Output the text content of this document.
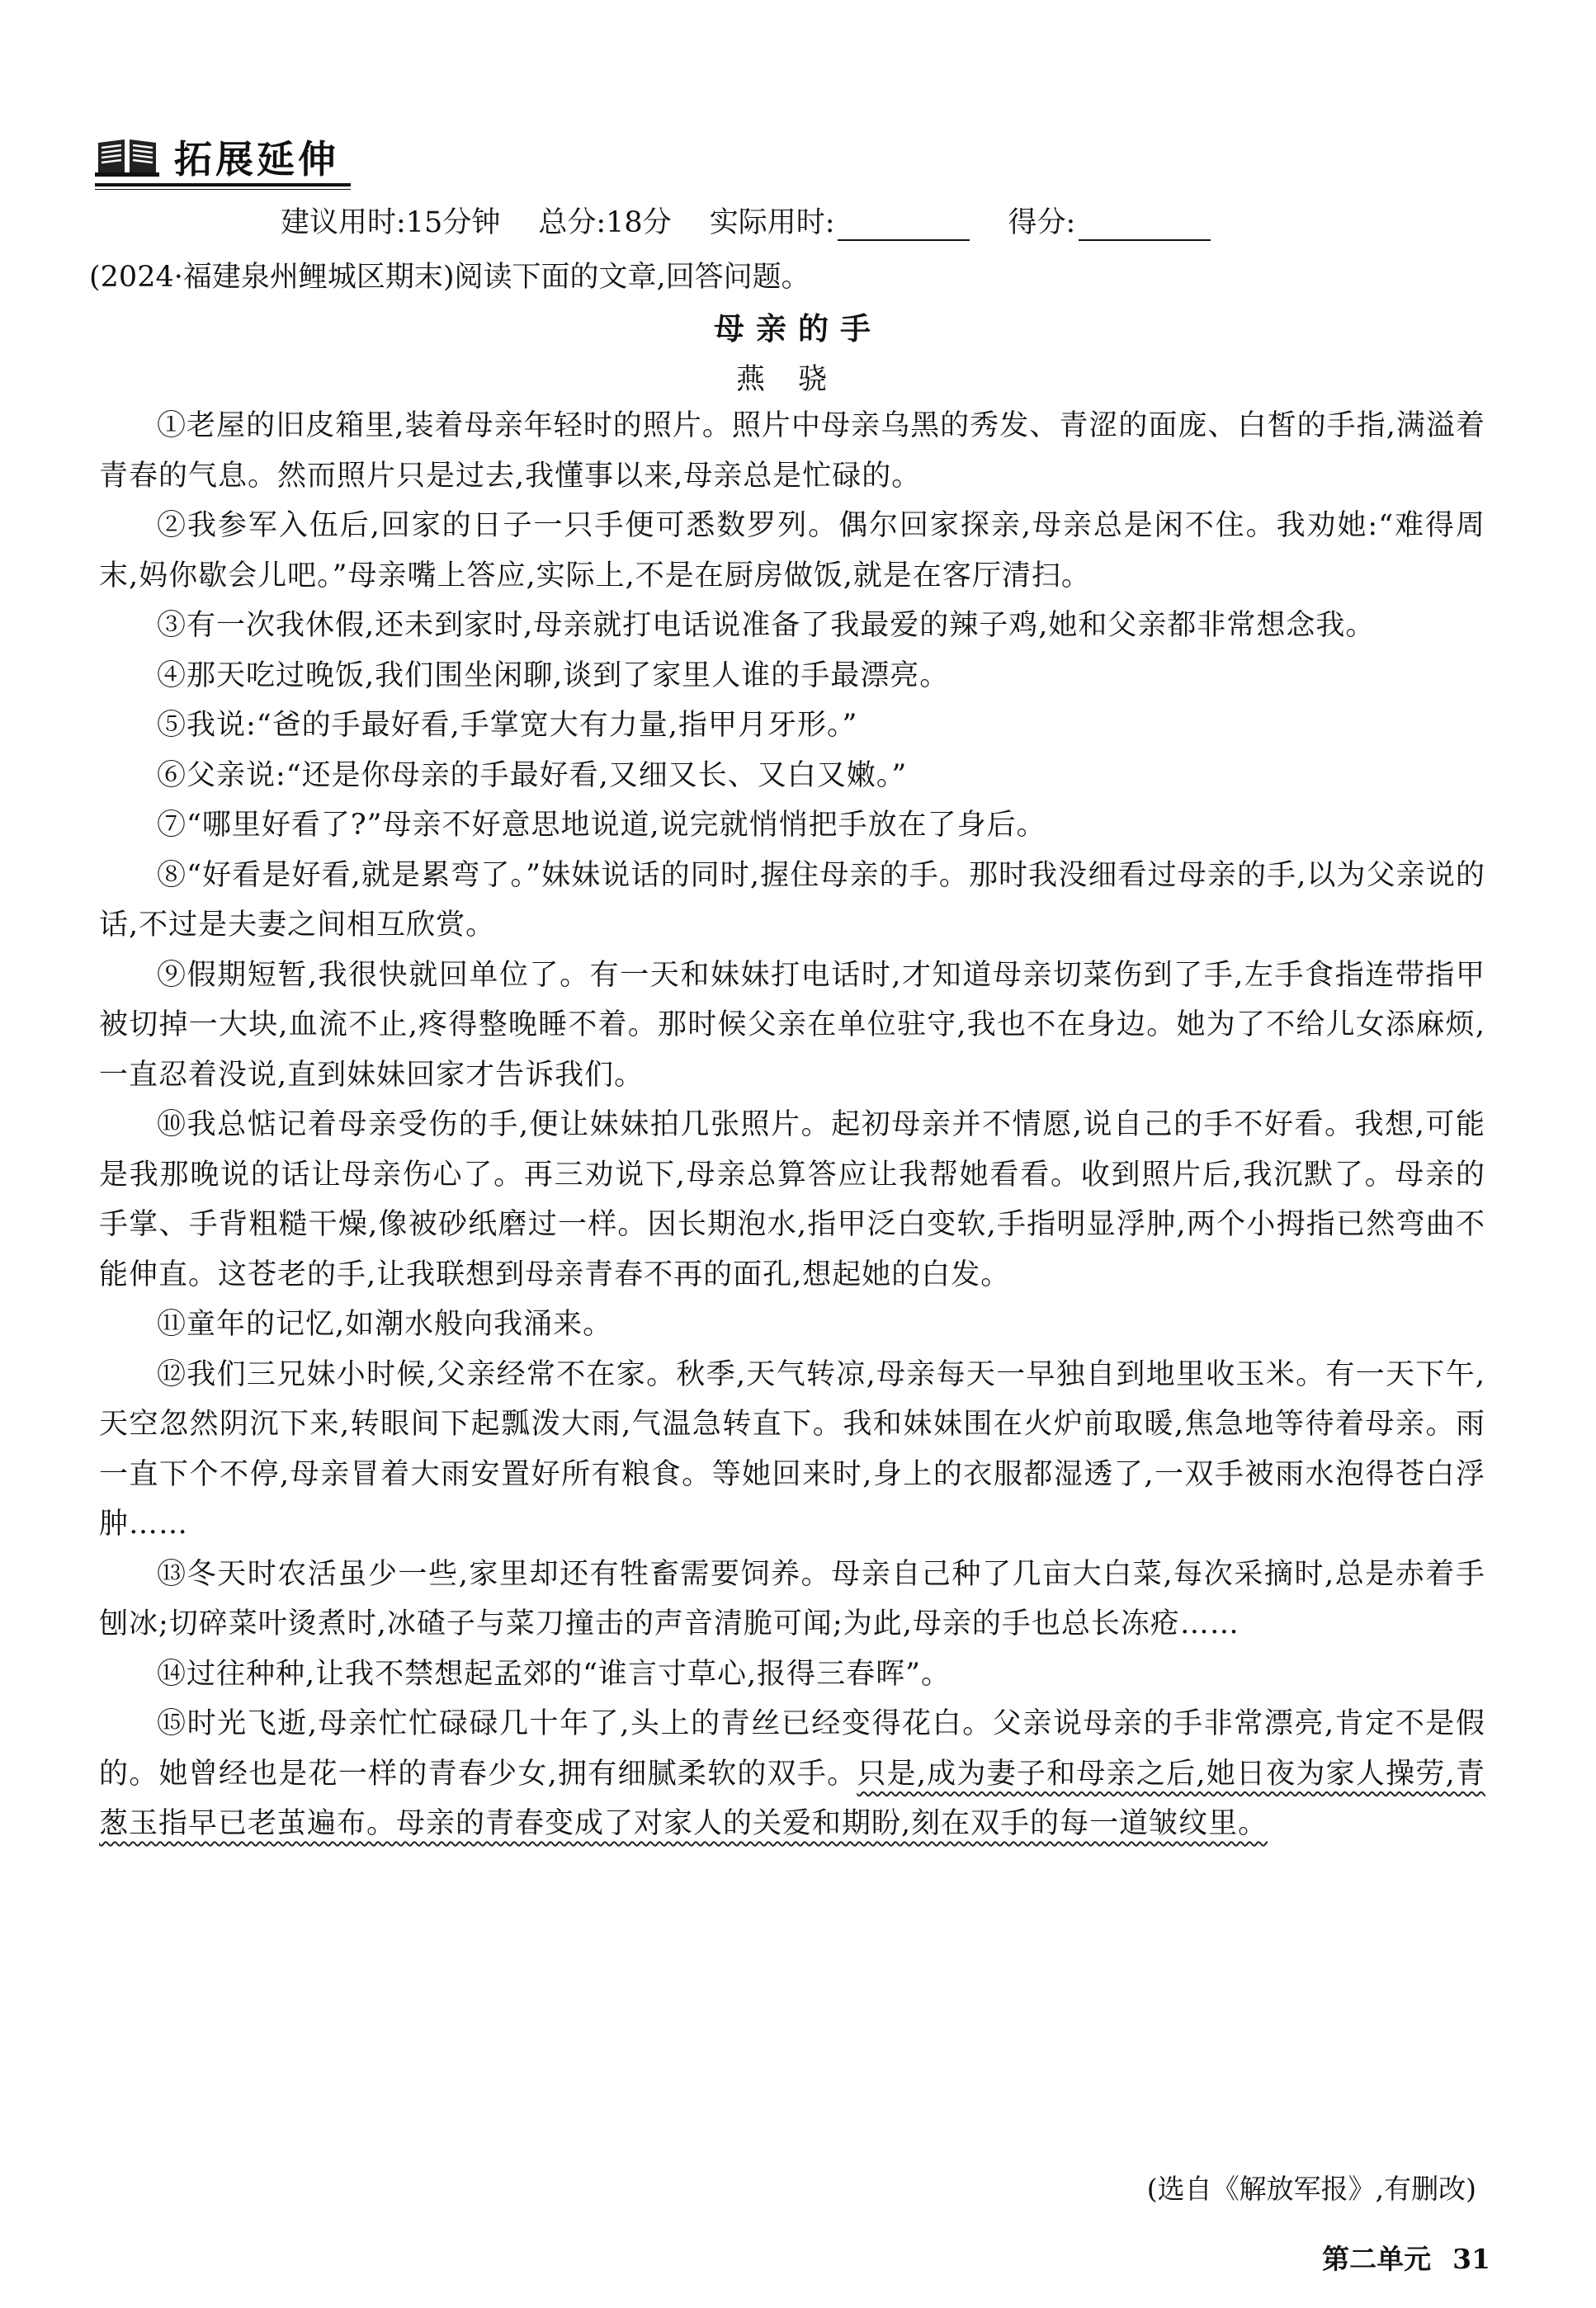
拓展延伸
建议用时:15分钟 总分:18分 实际用时:	得分:
(2024·福建泉州鲤城区期末)阅读下面的文章,回答问题。
母亲的手
燕骁

①老屋的旧皮箱里,装着母亲年轻时的照片。照片中母亲乌黑的秀发、青涩的面庞、白皙的手指,满溢着青春的气息。然而照片只是过去,我懂事以来,母亲总是忙碌的。

②我参军入伍后,回家的日子一只手便可悉数罗列。偶尔回家探亲,母亲总是闲不住。我劝她:“难得周末,妈你歇会儿吧。”母亲嘴上答应,实际上,不是在厨房做饭,就是在客厅清扫。

③有一次我休假,还未到家时,母亲就打电话说准备了我最爱的辣子鸡,她和父亲都非常想念我。

④那天吃过晚饭,我们围坐闲聊,谈到了家里人谁的手最漂亮。

⑤我说:“爸的手最好看,手掌宽大有力量,指甲月牙形。”

⑥父亲说:“还是你母亲的手最好看,又细又长、又白又嫩。”

⑦“哪里好看了?”母亲不好意思地说道,说完就悄悄把手放在了身后。

⑧“好看是好看,就是累弯了。”妹妹说话的同时,握住母亲的手。那时我没细看过母亲的手,以为父亲说的话,不过是夫妻之间相互欣赏。

⑨假期短暂,我很快就回单位了。有一天和妹妹打电话时,才知道母亲切菜伤到了手,左手食指连带指甲被切掉一大块,血流不止,疼得整晚睡不着。那时候父亲在单位驻守,我也不在身边。她为了不给儿女添麻烦,一直忍着没说,直到妹妹回家才告诉我们。

⑩我总惦记着母亲受伤的手,便让妹妹拍几张照片。起初母亲并不情愿,说自己的手不好看。我想,可能是我那晚说的话让母亲伤心了。再三劝说下,母亲总算答应让我帮她看看。收到照片后,我沉默了。母亲的手掌、手背粗糙干燥,像被砂纸磨过一样。因长期泡水,指甲泛白变软,手指明显浮肿,两个小拇指已然弯曲不能伸直。这苍老的手,让我联想到母亲青春不再的面孔,想起她的白发。

⑪童年的记忆,如潮水般向我涌来。

⑫我们三兄妹小时候,父亲经常不在家。秋季,天气转凉,母亲每天一早独自到地里收玉米。有一天下午,天空忽然阴沉下来,转眼间下起瓢泼大雨,气温急转直下。我和妹妹围在火炉前取暖,焦急地等待着母亲。雨一直下个不停,母亲冒着大雨安置好所有粮食。等她回来时,身上的衣服都湿透了,一双手被雨水泡得苍白浮肿……

⑬冬天时农活虽少一些,家里却还有牲畜需要饲养。母亲自己种了几亩大白菜,每次采摘时,总是赤着手刨冰;切碎菜叶烫煮时,冰碴子与菜刀撞击的声音清脆可闻;为此,母亲的手也总长冻疮……

⑭过往种种,让我不禁想起孟郊的“谁言寸草心,报得三春晖”。

⑮时光飞逝,母亲忙忙碌碌几十年了,头上的青丝已经变得花白。父亲说母亲的手非常漂亮,肯定不是假的。她曾经也是花一样的青春少女,拥有细腻柔软的双手。只是,成为妻子和母亲之后,她日夜为家人操劳,青葱玉指早已老茧遍布。母亲的青春变成了对家人的关爱和期盼,刻在双手的每一道皱纹里。

(选自《解放军报》,有删改)
第二单元 31
